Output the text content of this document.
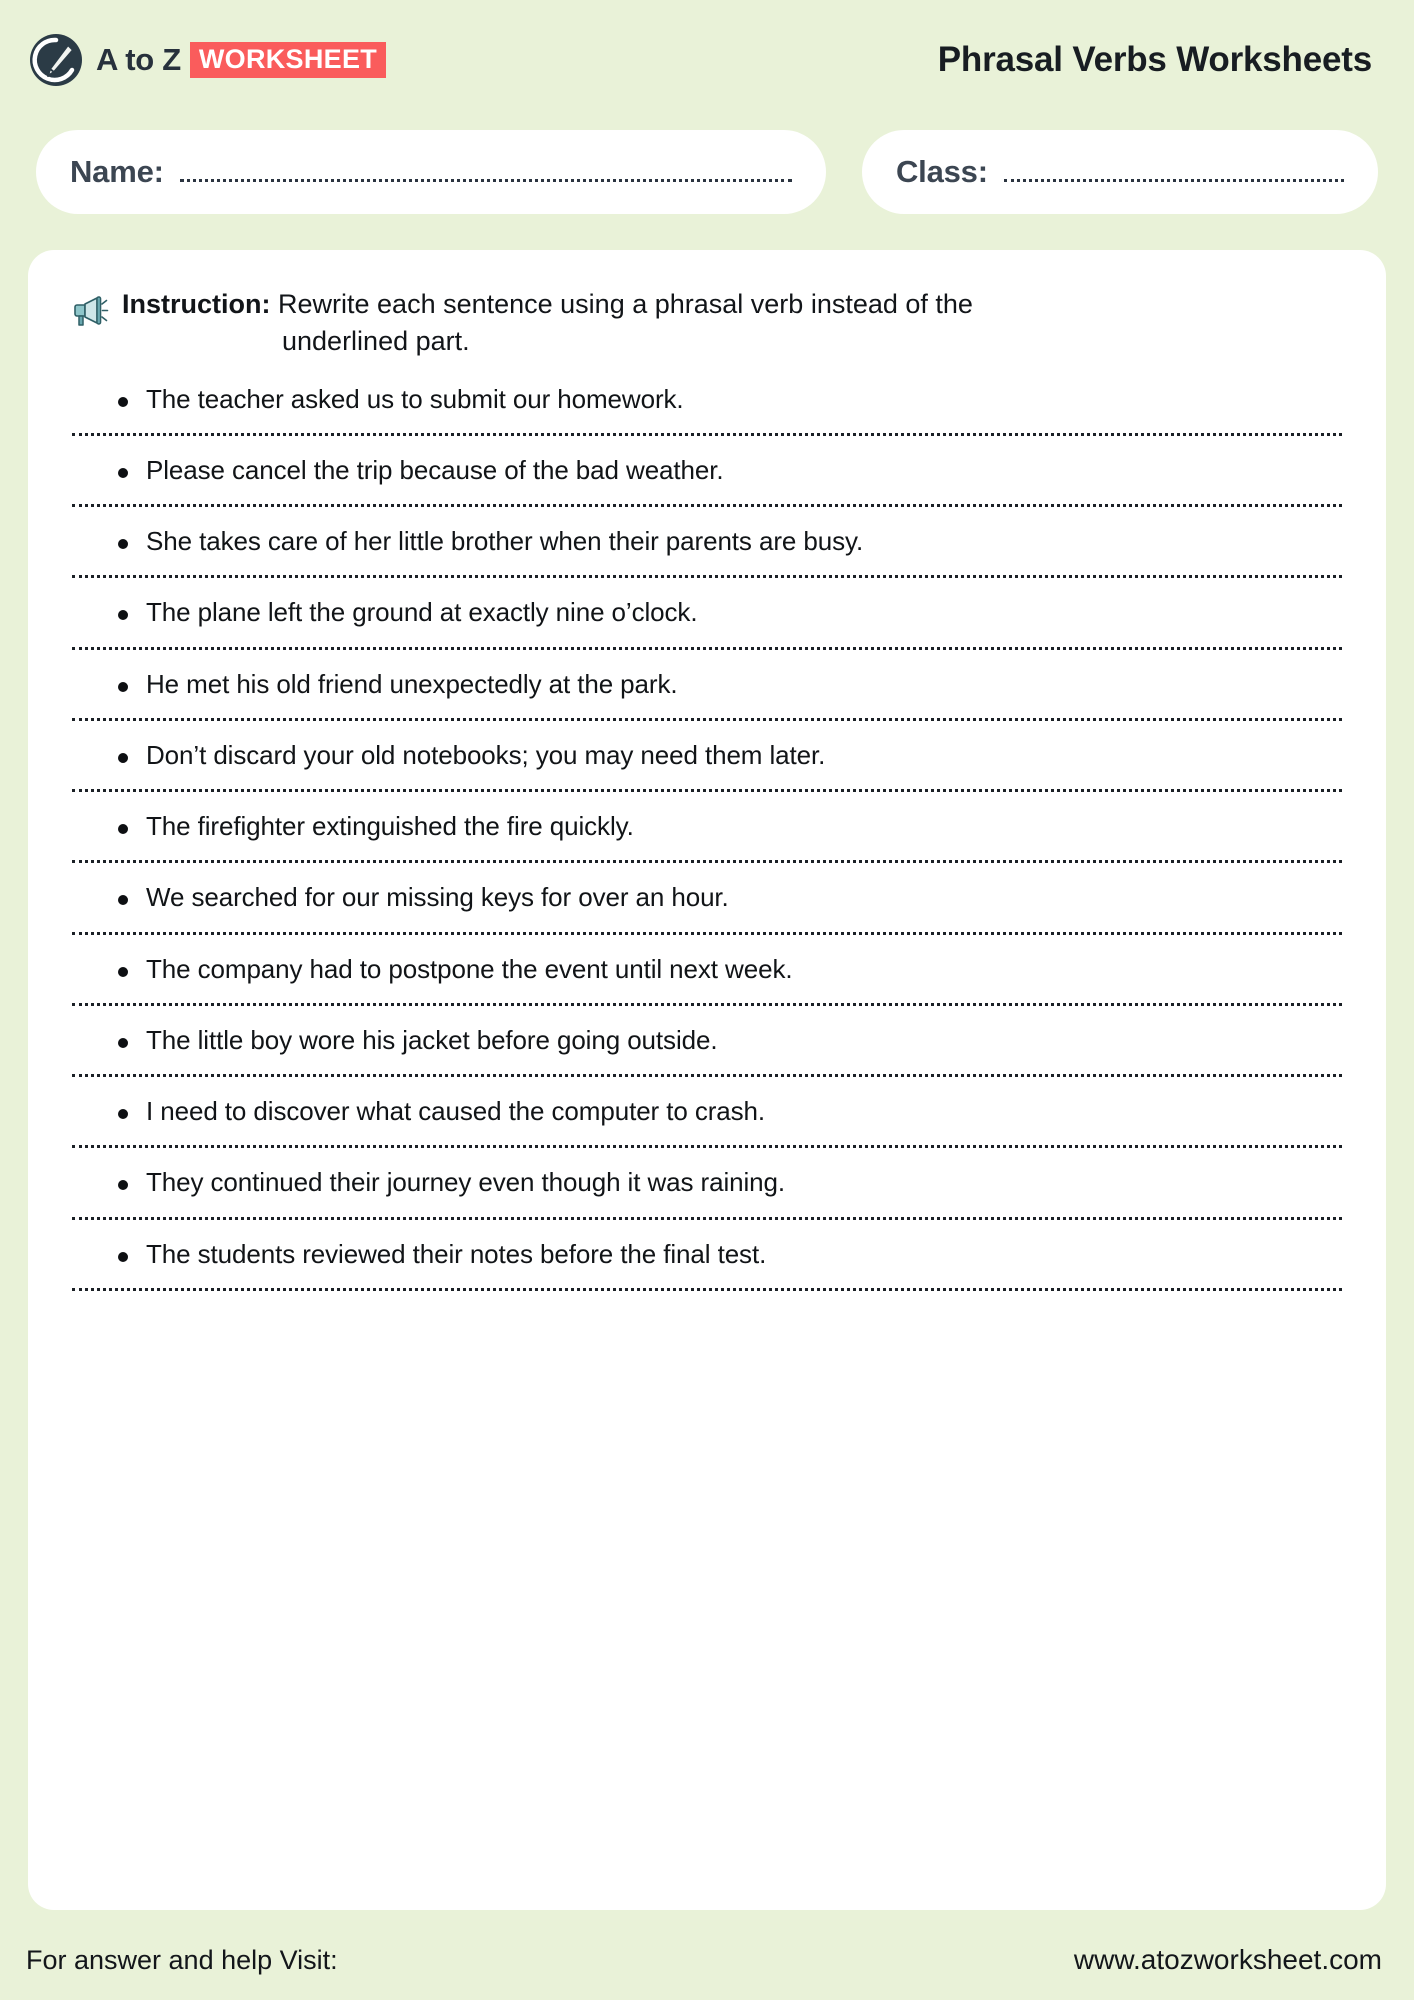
A to Z WORKSHEET	Phrasal Verbs Worksheets
Name:	Class:
Instruction: Rewrite each sentence using a phrasal verb instead of the
underlined part.
The teacher asked us to submit our homework.
Please cancel the trip because of the bad weather.
She takes care of her little brother when their parents are busy.
The plane left the ground at exactly nine o’clock.
He met his old friend unexpectedly at the park.
Don’t discard your old notebooks; you may need them later.
The firefighter extinguished the fire quickly.
We searched for our missing keys for over an hour.
The company had to postpone the event until next week.
The little boy wore his jacket before going outside.
I need to discover what caused the computer to crash.
They continued their journey even though it was raining.
The students reviewed their notes before the final test.
For answer and help Visit:	www.atozworksheet.com
